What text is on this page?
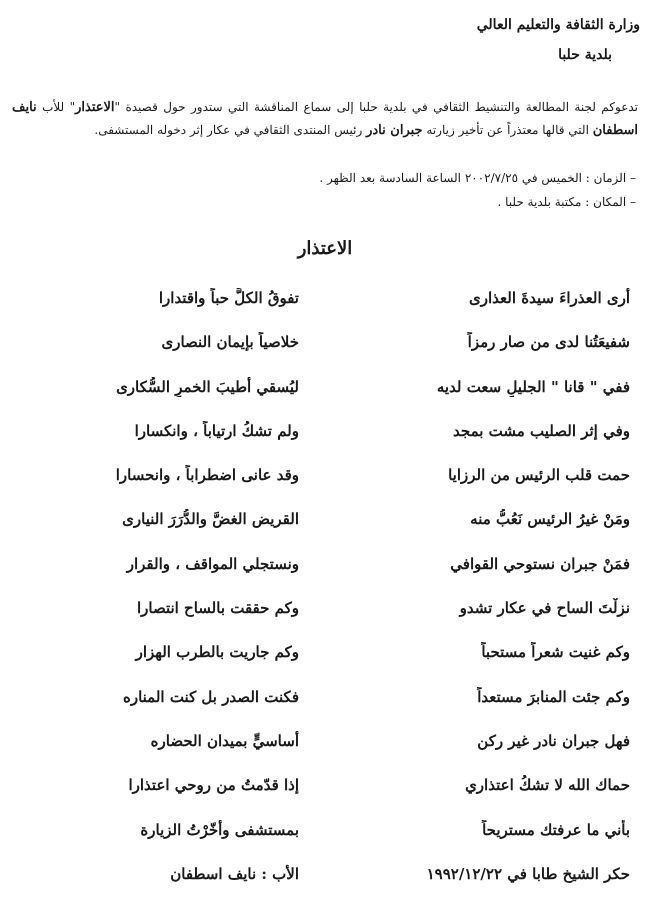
وزارة الثقافة والتعليم العالي
بلدية حلبا
تدعوكم لجنة المطالعة والتنشيط الثقافي في بلدية حلبا إلى سماع المناقشة التي ستدور حول قصيدة "الاعتذار" للأب نايف اسطفان التي قالها معتذراً عن تأخير زيارته جبران نادر رئيس المنتدى الثقافي في عكار إثر دخوله المستشفى.
– الزمان : الخميس في ٢٠٠٢/٧/٢٥ الساعة السادسة بعد الظهر .
– المكان : مكتبة بلدية حلبا .
الاعتذار
أرى العذراءَ سيدةَ العذارى
تفوقُ الكلَّ حباً واقتدارا
شفيعَتُنا لدى من صار رمزاً
خلاصياً بإيمان النصارى
ففي " قانا " الجليلِ سعت لديه
ليُسقي أطيبَ الخمرِ السُّكارى
وفي إثر الصليب مشت بمجد
ولم تشكُ ارتياباً ، وانكسارا
حمت قلب الرئيس من الرزايا
وقد عانى اضطراباً ، وانحسارا
ومَنْ غيرُ الرئيس نَعُبُّ منه
القريض الغضَّ والدُّرَرَ النيارى
فمَنْ جبران نستوحي القوافي
ونستجلي المواقف ، والقرار
نزلْتَ الساح في عكار تشدو
وكم حققت بالساح انتصارا
وكم غنيت شعراً مستحباً
وكم جاريت بالطرب الهزار
وكم جئت المنابرَ مستعداً
فكنت الصدر بل كنت المناره
فهل جبران نادر غير ركن
أساسيٍّ بميدان الحضاره
حماك الله لا تشكُ اعتذاري
إذا قدّمتُ من روحي اعتذارا
بأني ما عرفتك مستريحاً
بمستشفى وأخّرْتُ الزيارة
حكر الشيخ طابا في ١٩٩٢/١٢/٢٢
الأب : نايف اسطفان
